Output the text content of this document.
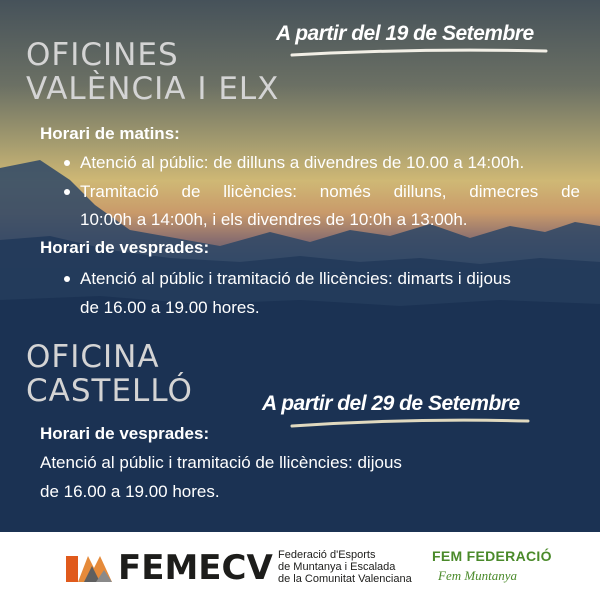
A partir del 19 de Setembre
OFICINES
VALÈNCIA I ELX
Horari de matins:
Atenció al públic: de dilluns a divendres de 10.00 a 14:00h.
Tramitació de llicències: només dilluns, dimecres de
10:00h a 14:00h, i els divendres de 10:0h a 13:00h.
Horari de vesprades:
Atenció al públic i tramitació de llicències: dimarts i dijous
de 16.00 a 19.00 hores.
OFICINA
CASTELLÓ	A partir del 29 de Setembre
Horari de vesprades:
Atenció al públic i tramitació de llicències: dijous
de 16.00 a 19.00 hores.
FEMECV Federació d'Esports
de Muntanya i Escalada
de la Comunitat Valenciana
FEM FEDERACIÓ
Fem Muntanya
